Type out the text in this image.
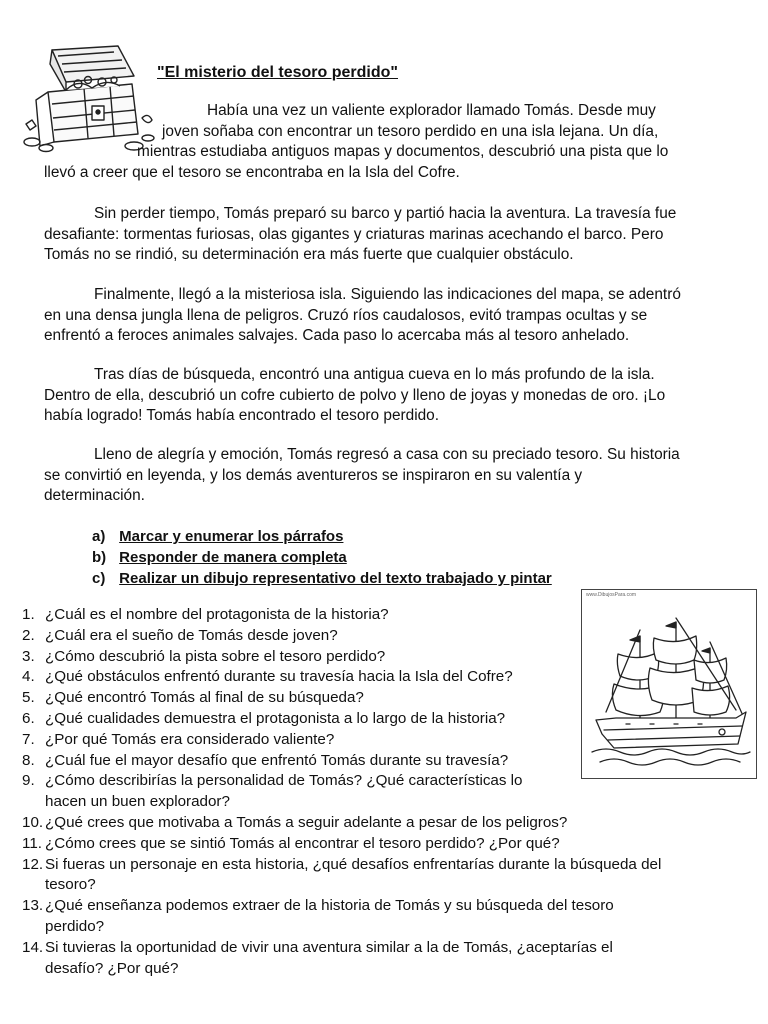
"El misterio del tesoro perdido"
Había una vez un valiente explorador llamado Tomás. Desde muy
joven soñaba con encontrar un tesoro perdido en una isla lejana. Un día,
mientras estudiaba antiguos mapas y documentos, descubrió una pista que lo
llevó a creer que el tesoro se encontraba en la Isla del Cofre.
Sin perder tiempo, Tomás preparó su barco y partió hacia la aventura. La travesía fue
desafiante: tormentas furiosas, olas gigantes y criaturas marinas acechando el barco. Pero
Tomás no se rindió, su determinación era más fuerte que cualquier obstáculo.
Finalmente, llegó a la misteriosa isla. Siguiendo las indicaciones del mapa, se adentró
en una densa jungla llena de peligros. Cruzó ríos caudalosos, evitó trampas ocultas y se
enfrentó a feroces animales salvajes. Cada paso lo acercaba más al tesoro anhelado.
Tras días de búsqueda, encontró una antigua cueva en lo más profundo de la isla.
Dentro de ella, descubrió un cofre cubierto de polvo y lleno de joyas y monedas de oro. ¡Lo
había logrado! Tomás había encontrado el tesoro perdido.
Lleno de alegría y emoción, Tomás regresó a casa con su preciado tesoro. Su historia
se convirtió en leyenda, y los demás aventureros se inspiraron en su valentía y
determinación.
a) Marcar y enumerar los párrafos
b) Responder de manera completa
c) Realizar un dibujo representativo del texto trabajado y pintar
www.DibujosPara.com
1. ¿Cuál es el nombre del protagonista de la historia?
2. ¿Cuál era el sueño de Tomás desde joven?
3. ¿Cómo descubrió la pista sobre el tesoro perdido?
4. ¿Qué obstáculos enfrentó durante su travesía hacia la Isla del Cofre?
5. ¿Qué encontró Tomás al final de su búsqueda?
6. ¿Qué cualidades demuestra el protagonista a lo largo de la historia?
7. ¿Por qué Tomás era considerado valiente?
8. ¿Cuál fue el mayor desafío que enfrentó Tomás durante su travesía?
9. ¿Cómo describirías la personalidad de Tomás? ¿Qué características lo
hacen un buen explorador?
10. ¿Qué crees que motivaba a Tomás a seguir adelante a pesar de los peligros?
11. ¿Cómo crees que se sintió Tomás al encontrar el tesoro perdido? ¿Por qué?
12. Si fueras un personaje en esta historia, ¿qué desafíos enfrentarías durante la búsqueda del
tesoro?
13. ¿Qué enseñanza podemos extraer de la historia de Tomás y su búsqueda del tesoro
perdido?
14. Si tuvieras la oportunidad de vivir una aventura similar a la de Tomás, ¿aceptarías el
desafío? ¿Por qué?
